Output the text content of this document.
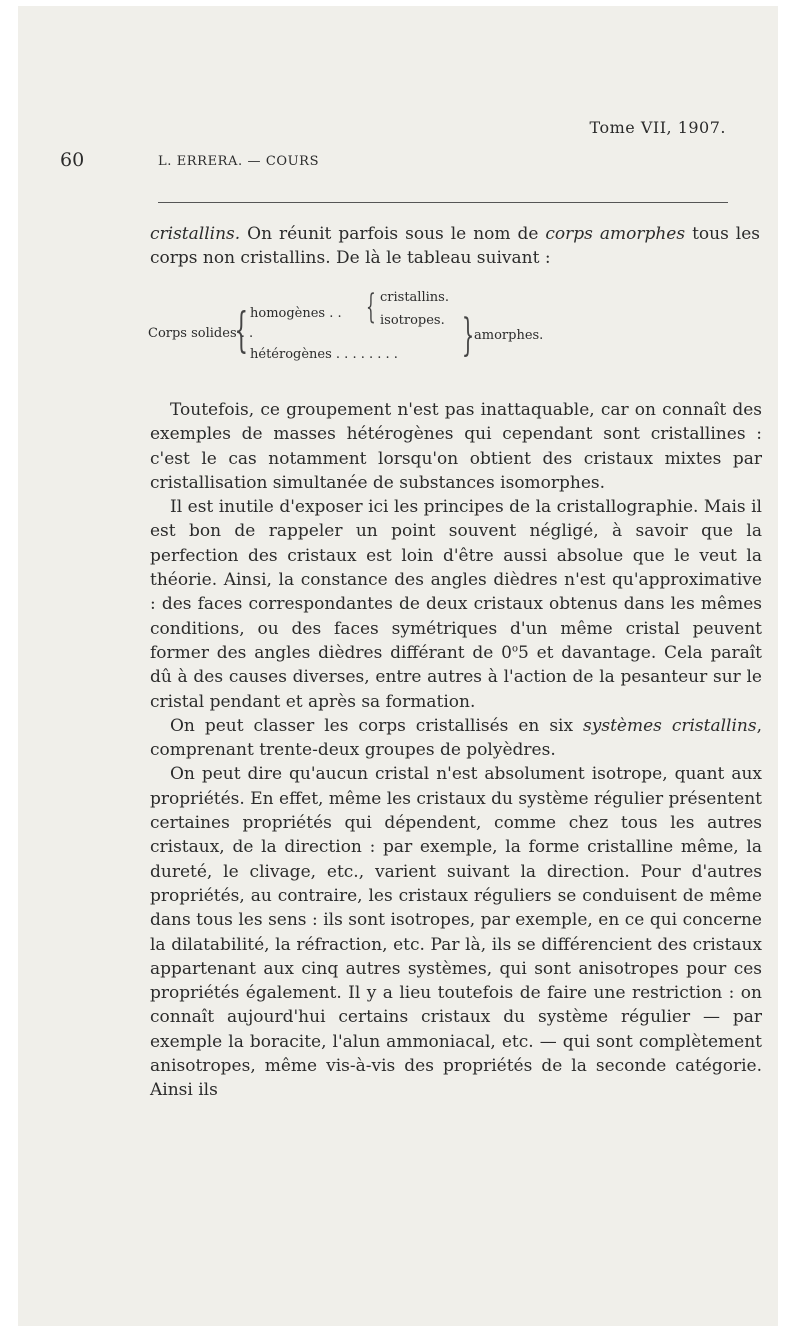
Tome VII, 1907.
60	L. ERRERA. — COURS

cristallins. On réunit parfois sous le nom de corps amorphes tous les corps non cristallins. De là le tableau suivant :

Corps solides . .
{ homogènes . . { cristallins.
isotropes.
hétérogènes . . . . . . . . } amorphes.

Toutefois, ce groupement n'est pas inattaquable, car on connaît des exemples de masses hétérogènes qui cependant sont cristallines : c'est le cas notamment lorsqu'on obtient des cristaux mixtes par cristallisation simultanée de substances isomorphes.

Il est inutile d'exposer ici les principes de la cristallographie. Mais il est bon de rappeler un point souvent négligé, à savoir que la perfection des cristaux est loin d'être aussi absolue que le veut la théorie. Ainsi, la constance des angles dièdres n'est qu'approximative : des faces correspondantes de deux cristaux obtenus dans les mêmes conditions, ou des faces symétriques d'un même cristal peuvent former des angles dièdres différant de 0$^o$5 et davantage. Cela paraît dû à des causes diverses, entre autres à l'action de la pesanteur sur le cristal pendant et après sa formation.

On peut classer les corps cristallisés en six systèmes cristallins, comprenant trente-deux groupes de polyèdres.

On peut dire qu'aucun cristal n'est absolument isotrope, quant aux propriétés. En effet, même les cristaux du système régulier présentent certaines propriétés qui dépendent, comme chez tous les autres cristaux, de la direction : par exemple, la forme cristalline même, la dureté, le clivage, etc., varient suivant la direction. Pour d'autres propriétés, au contraire, les cristaux réguliers se conduisent de même dans tous les sens : ils sont isotropes, par exemple, en ce qui concerne la dilatabilité, la réfraction, etc. Par là, ils se différencient des cristaux appartenant aux cinq autres systèmes, qui sont anisotropes pour ces propriétés également. Il y a lieu toutefois de faire une restriction : on connaît aujourd'hui certains cristaux du système régulier — par exemple la boracite, l'alun ammoniacal, etc. — qui sont complètement anisotropes, même vis-à-vis des propriétés de la seconde catégorie. Ainsi ils
